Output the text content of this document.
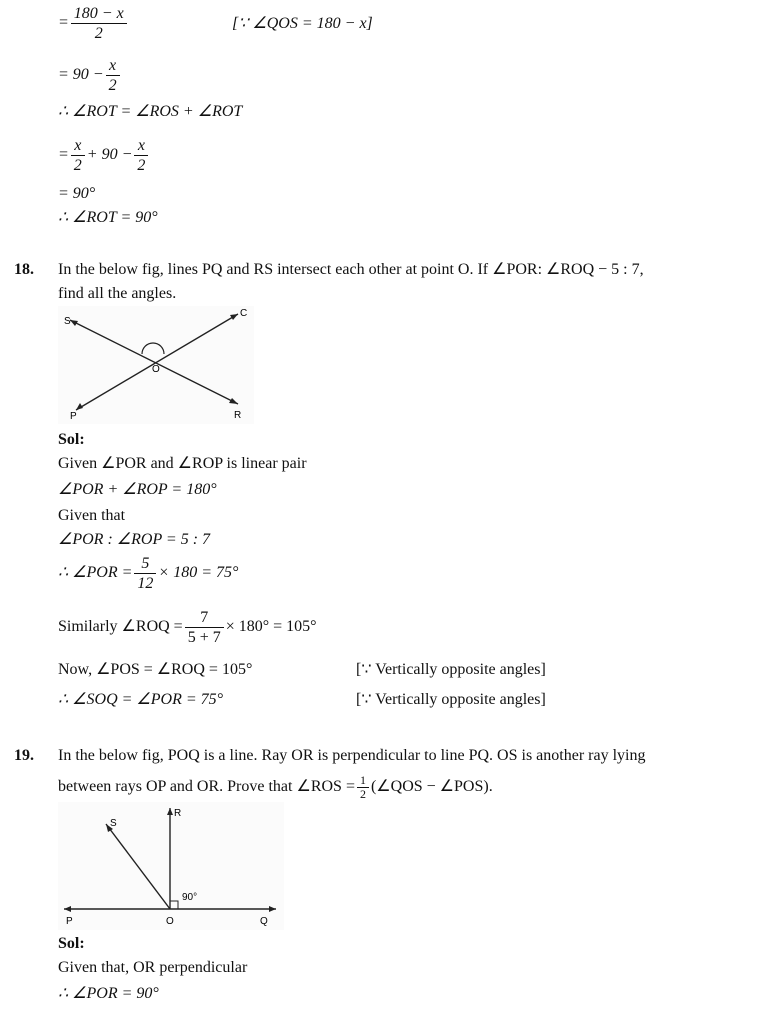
= $\frac{180 - x}{2}$	[∵ ∠QOS = 180 − x]
= $90 - \frac{x}{2}$
∴ ∠ROT = ∠ROS + ∠ROT
= $\frac{x}{2} + 90 - \frac{x}{2}$
= 90°
∴ ∠ROT = 90°
18. In the below fig, lines PQ and RS intersect each other at point O. If ∠POR: ∠ROQ − 5 : 7,
find all the angles.
S
C
O
P	R
Sol:
Given ∠POR and ∠ROP is linear pair
∠POR + ∠ROP = 180°
Given that
∠POR : ∠ROP = 5 : 7
∴ ∠POR = $\frac{5}{12} \times 180 = 75^\circ$
Similarly ∠ROQ = $\frac{7}{5 + 7} \times 180^\circ = 105^\circ$
Now, ∠POS = ∠ROQ = 105°	[∵ Vertically opposite angles]
∴ ∠SOQ = ∠POR = 75°	[∵ Vertically opposite angles]
19. In the below fig, POQ is a line. Ray OR is perpendicular to line PQ. OS is another ray lying
between rays OP and OR. Prove that ∠ROS = $\frac{1}{2}$ (∠QOS − ∠POS).
S
R
90°
P	O	Q
Sol:
Given that, OR perpendicular
∴ ∠POR = 90°
